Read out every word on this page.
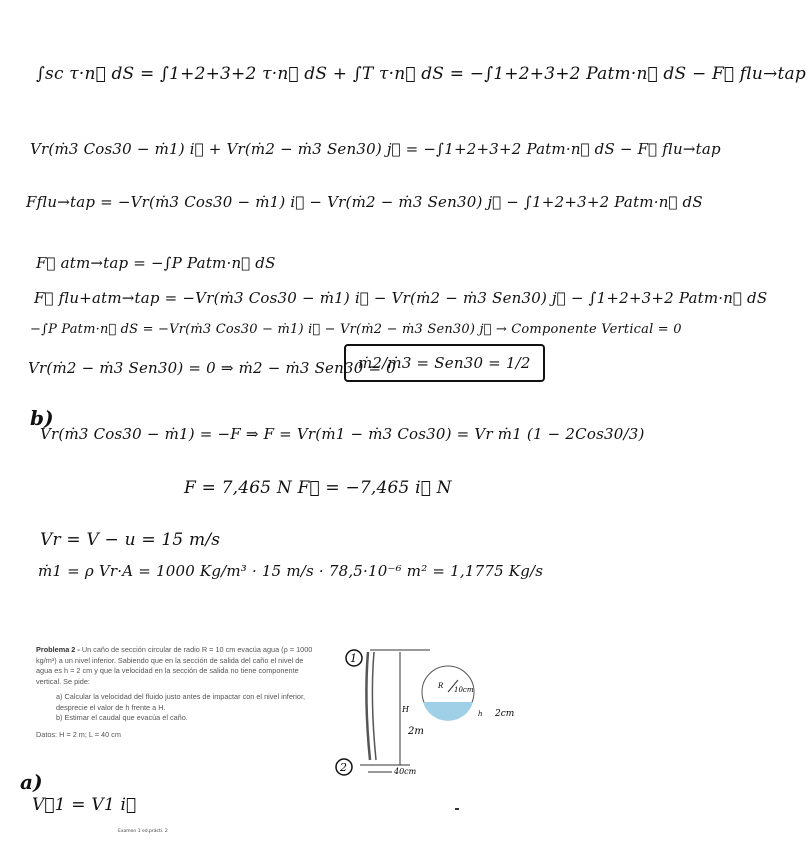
∫sc τ·n⃗ dS = ∫1+2+3+2 τ·n⃗ dS + ∫T τ·n⃗ dS = −∫1+2+3+2 Patm·n⃗ dS − F⃗ flu→tap
Vr(ṁ3 Cos30 − ṁ1) i⃗ + Vr(ṁ2 − ṁ3 Sen30) j⃗ = −∫1+2+3+2 Patm·n⃗ dS − F⃗ flu→tap
Fflu→tap = −Vr(ṁ3 Cos30 − ṁ1) i⃗ − Vr(ṁ2 − ṁ3 Sen30) j⃗ − ∫1+2+3+2 Patm·n⃗ dS
F⃗ atm→tap = −∫P Patm·n⃗ dS
F⃗ flu+atm→tap = −Vr(ṁ3 Cos30 − ṁ1) i⃗ − Vr(ṁ2 − ṁ3 Sen30) j⃗ − ∫1+2+3+2 Patm·n⃗ dS
−∫P Patm·n⃗ dS = −Vr(ṁ3 Cos30 − ṁ1) i⃗ − Vr(ṁ2 − ṁ3 Sen30) j⃗ → Componente Vertical = 0
Vr(ṁ2 − ṁ3 Sen30) = 0 ⇒ ṁ2 − ṁ3 Sen30 = 0
ṁ2/ṁ3 = Sen30 = 1/2
b)
Vr(ṁ3 Cos30 − ṁ1) = −F ⇒ F = Vr(ṁ1 − ṁ3 Cos30) = Vr ṁ1 (1 − 2Cos30/3)
F = 7,465 N F⃗ = −7,465 i⃗ N
Vr = V − u = 15 m/s
ṁ1 = ρ Vr·A = 1000 Kg/m³ · 15 m/s · 78,5·10⁻⁶ m² = 1,1775 Kg/s
Problema 2 - Un caño de sección circular de radio R = 10 cm evacúa agua (ρ = 1000 kg/m³) a un nivel inferior. Sabiendo que en la sección de salida del caño el nivel de agua es h = 2 cm y que la velocidad en la sección de salida no tiene componente vertical. Se pide:
a) Calcular la velocidad del fluido justo antes de impactar con el nivel inferior, desprecie el valor de h frente a H.
b) Estimar el caudal que evacúa el caño.
Datos: H = 2 m; L = 40 cm
1
H
2m
2	40cm
R 10cm
h 2cm
a)
V⃗1 = V1 i⃗
Examen 1 ed.prácti. 2
